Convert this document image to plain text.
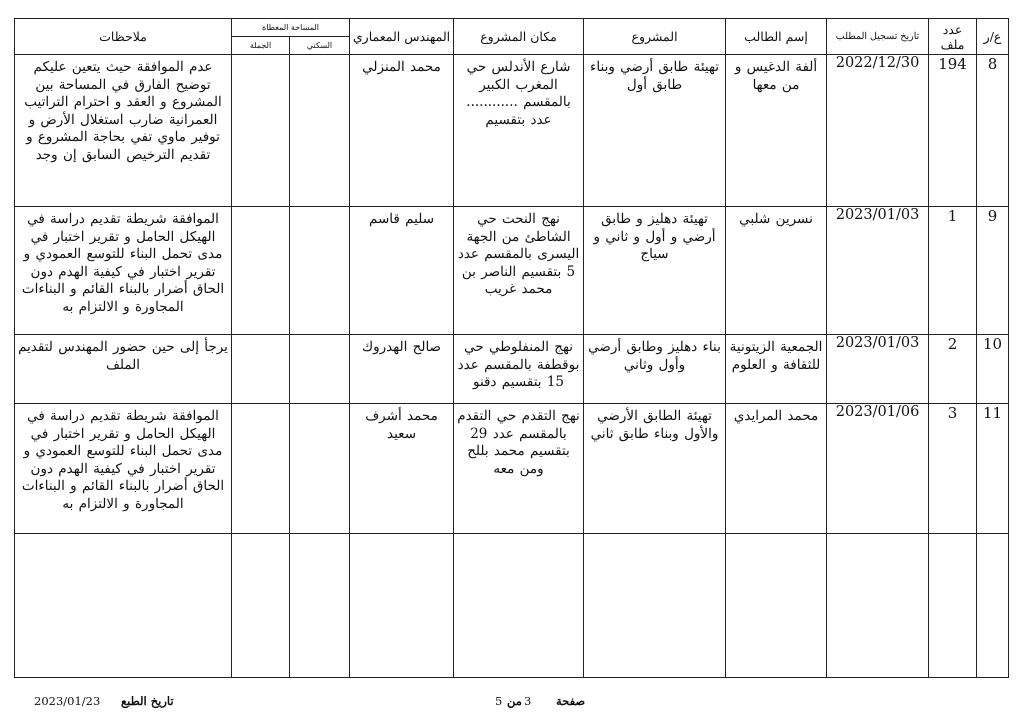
ع/ر	عدد ملف	تاريخ تسجيل المطلب	إسم الطالب	المشروع	مكان المشروع	المهندس المعماري	المساحة المغطاة		ملاحظات
							السكني	الجملة	
8	194	2022/12/30	ألفة الدغيس و من معها	تهيئة طابق أرضي وبناء طابق أول	شارع الأندلس حي المغرب الكبير بالمقسم ............ عدد بتقسيم	محمد المنزلي			عدم الموافقة حيث يتعين عليكم توضيح الفارق في المساحة بين المشروع و العقد و احترام التراتيب العمرانية ضارب استغلال الأرض و توفير ماوي تفي بحاجة المشروع و تقديم الترخيص السابق إن وجد

9	1	2023/01/03	نسرين شلبي	تهيئة دهليز و طابق أرضي و أول و ثاني و سياج	نهج النحت حي الشاطئ من الجهة اليسرى بالمقسم عدد 5 بتقسيم الناصر بن محمد غريب	سليم قاسم			الموافقة شريطة تقديم دراسة في الهيكل الحامل و تقرير اختبار في مدى تحمل البناء للتوسع العمودي و تقرير اختبار في كيفية الهدم دون الحاق أضرار بالبناء القائم و البناءات المجاورة و الالتزام به

10	2	2023/01/03	الجمعية الزيتونية للثقافة و العلوم	بناء دهليز وطابق أرضي وأول وثاني	نهج المنفلوطي حي بوقطفة بالمقسم عدد 15 بتقسيم دقنو	صالح الهدروك			يرجأ إلى حين حضور المهندس لتقديم الملف

11	3	2023/01/06	محمد المرايدي	تهيئة الطابق الأرضي والأول وبناء طابق ثاني	نهج التقدم حي التقدم بالمقسم عدد 29 بتقسيم محمد بللح ومن معه	محمد أشرف سعيد			الموافقة شريطة تقديم دراسة في الهيكل الحامل و تقرير اختبار في مدى تحمل البناء للتوسع العمودي و تقرير اختبار في كيفية الهدم دون الحاق أضرار بالبناء القائم و البناءات المجاورة و الالتزام به

صفحة
3
من
5
تاريخ الطبع
2023/01/23
